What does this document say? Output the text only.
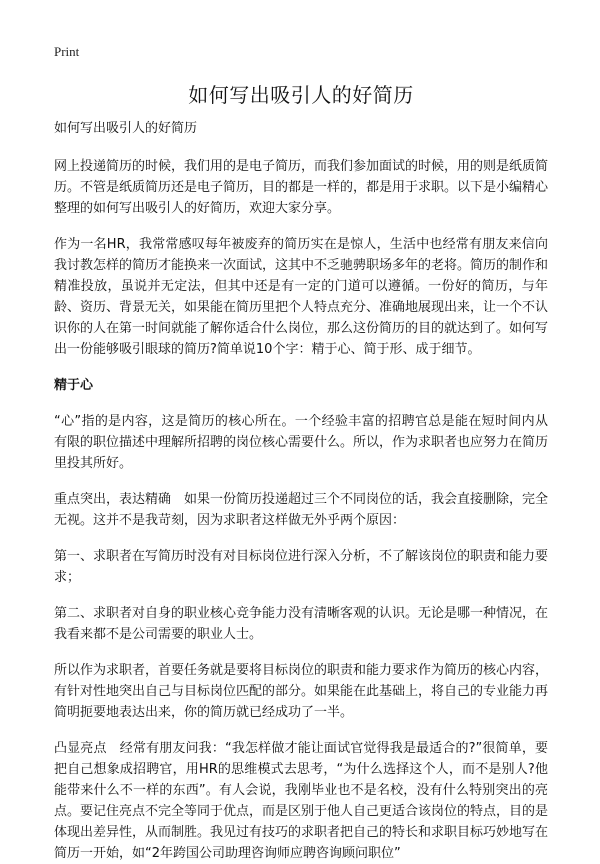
Print
如何写出吸引人的好简历
如何写出吸引人的好简历
网上投递简历的时候，我们用的是电子简历，而我们参加面试的时候，用的则是纸质简历。不管是纸质简历还是电子简历，目的都是一样的，都是用于求职。以下是小编精心整理的如何写出吸引人的好简历，欢迎大家分享。
作为一名HR，我常常感叹每年被废弃的简历实在是惊人，生活中也经常有朋友来信向我讨教怎样的简历才能换来一次面试，这其中不乏驰骋职场多年的老将。简历的制作和精准投放，虽说并无定法，但其中还是有一定的门道可以遵循。一份好的简历，与年龄、资历、背景无关，如果能在简历里把个人特点充分、准确地展现出来，让一个不认识你的人在第一时间就能了解你适合什么岗位，那么这份简历的目的就达到了。如何写出一份能够吸引眼球的简历?简单说10个字：精于心、简于形、成于细节。
精于心
“心”指的是内容，这是简历的核心所在。一个经验丰富的招聘官总是能在短时间内从有限的职位描述中理解所招聘的岗位核心需要什么。所以，作为求职者也应努力在简历里投其所好。
重点突出，表达精确　如果一份简历投递超过三个不同岗位的话，我会直接删除，完全无视。这并不是我苛刻，因为求职者这样做无外乎两个原因：
第一、求职者在写简历时没有对目标岗位进行深入分析，不了解该岗位的职责和能力要求；
第二、求职者对自身的职业核心竞争能力没有清晰客观的认识。无论是哪一种情况，在我看来都不是公司需要的职业人士。
所以作为求职者，首要任务就是要将目标岗位的职责和能力要求作为简历的核心内容，有针对性地突出自己与目标岗位匹配的部分。如果能在此基础上，将自己的专业能力再简明扼要地表达出来，你的简历就已经成功了一半。
凸显亮点　经常有朋友问我：“我怎样做才能让面试官觉得我是最适合的?”很简单，要把自己想象成招聘官，用HR的思维模式去思考，“为什么选择这个人，而不是别人?他能带来什么不一样的东西”。有人会说，我刚毕业也不是名校，没有什么特别突出的亮点。要记住亮点不完全等同于优点，而是区别于他人自己更适合该岗位的特点，目的是体现出差异性，从而制胜。我见过有技巧的求职者把自己的特长和求职目标巧妙地写在简历一开始，如“2年跨国公司助理咨询师应聘咨询顾问职位”
